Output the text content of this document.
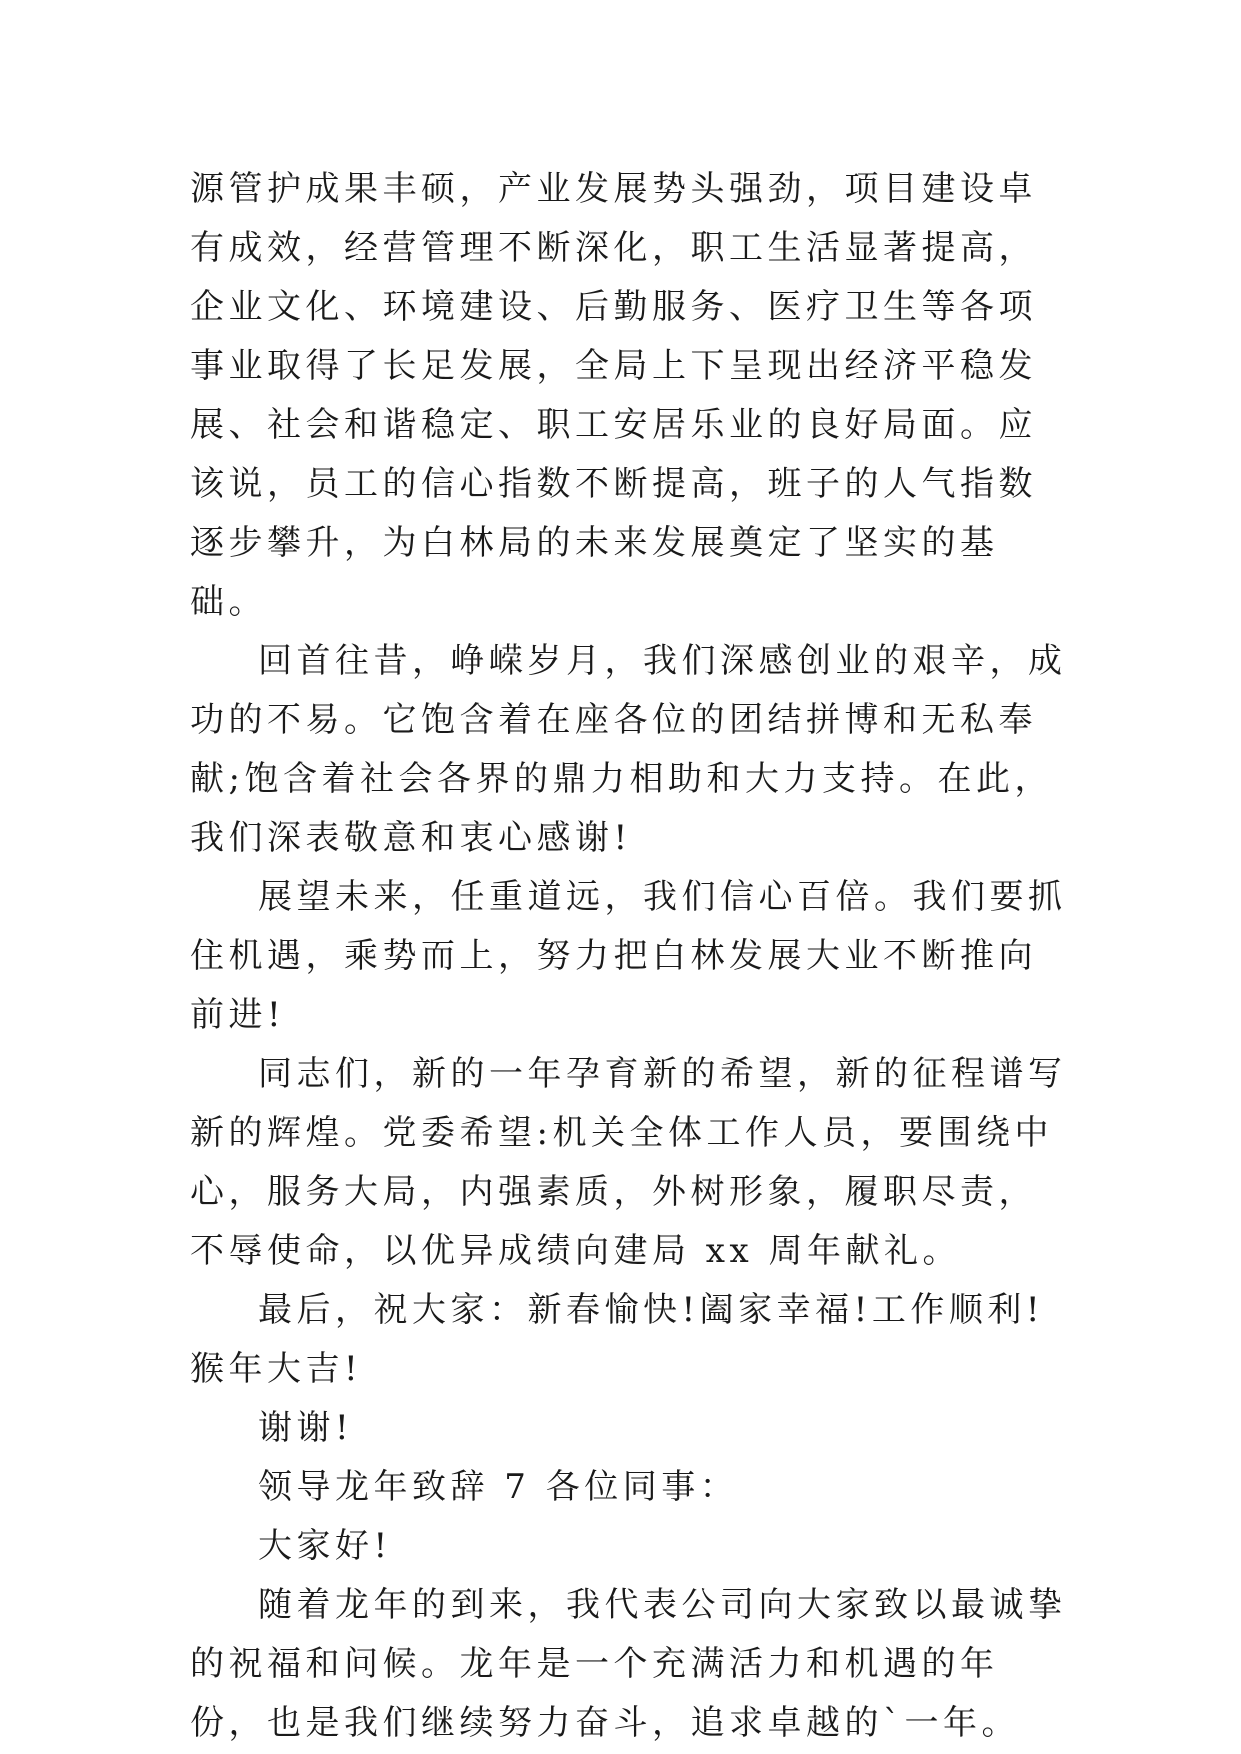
源管护成果丰硕，产业发展势头强劲，项目建设卓有成效，经营管理不断深化，职工生活显著提高，企业文化、环境建设、后勤服务、医疗卫生等各项事业取得了长足发展，全局上下呈现出经济平稳发展、社会和谐稳定、职工安居乐业的良好局面。应该说，员工的信心指数不断提高，班子的人气指数逐步攀升，为白林局的未来发展奠定了坚实的基础。

回首往昔，峥嵘岁月，我们深感创业的艰辛，成功的不易。它饱含着在座各位的团结拼博和无私奉献;饱含着社会各界的鼎力相助和大力支持。在此，我们深表敬意和衷心感谢!

展望未来，任重道远，我们信心百倍。我们要抓住机遇，乘势而上，努力把白林发展大业不断推向前进!

同志们，新的一年孕育新的希望，新的征程谱写新的辉煌。党委希望:机关全体工作人员，要围绕中心，服务大局，内强素质，外树形象，履职尽责，不辱使命，以优异成绩向建局 xx 周年献礼。

最后，祝大家：新春愉快!阖家幸福!工作顺利!猴年大吉!

谢谢!

领导龙年致辞 7 各位同事：

大家好!

随着龙年的到来，我代表公司向大家致以最诚挚的祝福和问候。龙年是一个充满活力和机遇的年份，也是我们继续努力奋斗，追求卓越的`一年。
